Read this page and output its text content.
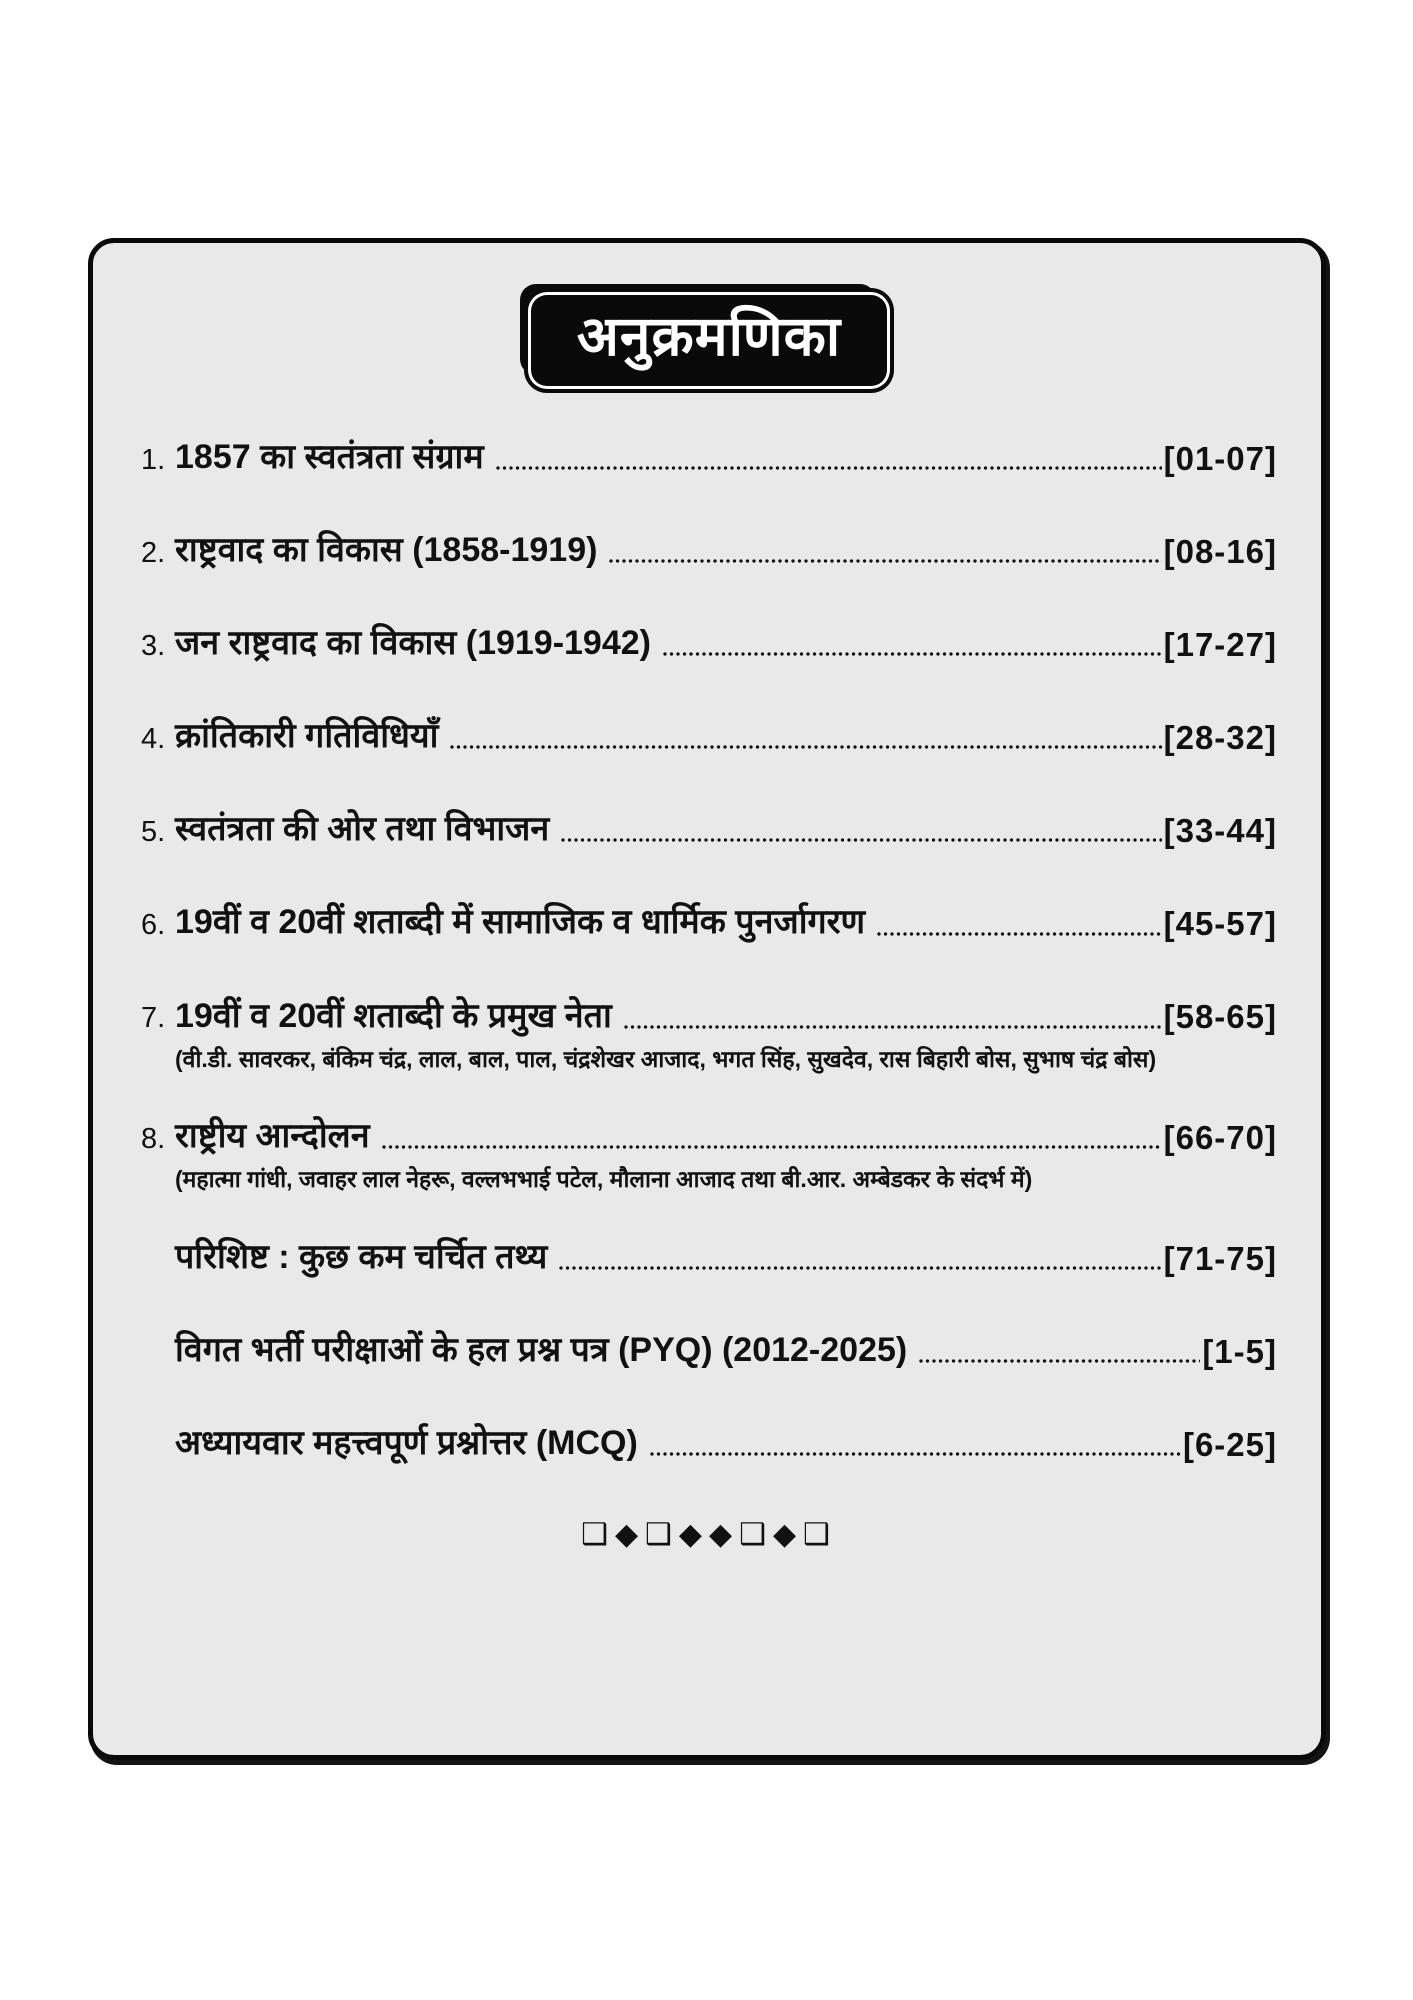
अनुक्रमणिका
1. 1857 का स्वतंत्रता संग्राम	[01-07]
2. राष्ट्रवाद का विकास (1858-1919)	[08-16]
3. जन राष्ट्रवाद का विकास (1919-1942)	[17-27]
4. क्रांतिकारी गतिविधियाँ	[28-32]
5. स्वतंत्रता की ओर तथा विभाजन	[33-44]
6. 19वीं व 20वीं शताब्दी में सामाजिक व धार्मिक पुनर्जागरण	[45-57]
7. 19वीं व 20वीं शताब्दी के प्रमुख नेता	[58-65]
(वी.डी. सावरकर, बंकिम चंद्र, लाल, बाल, पाल, चंद्रशेखर आजाद, भगत सिंह, सुखदेव, रास बिहारी बोस, सुभाष चंद्र बोस)
8. राष्ट्रीय आन्दोलन	[66-70]
(महात्मा गांधी, जवाहर लाल नेहरू, वल्लभभाई पटेल, मौलाना आजाद तथा बी.आर. अम्बेडकर के संदर्भ में)
परिशिष्ट : कुछ कम चर्चित तथ्य	[71-75]
विगत भर्ती परीक्षाओं के हल प्रश्न पत्र (PYQ) (2012-2025)	[1-5]
अध्यायवार महत्त्वपूर्ण प्रश्नोत्तर (MCQ)	[6-25]
❑◆❑◆◆❑◆❑
